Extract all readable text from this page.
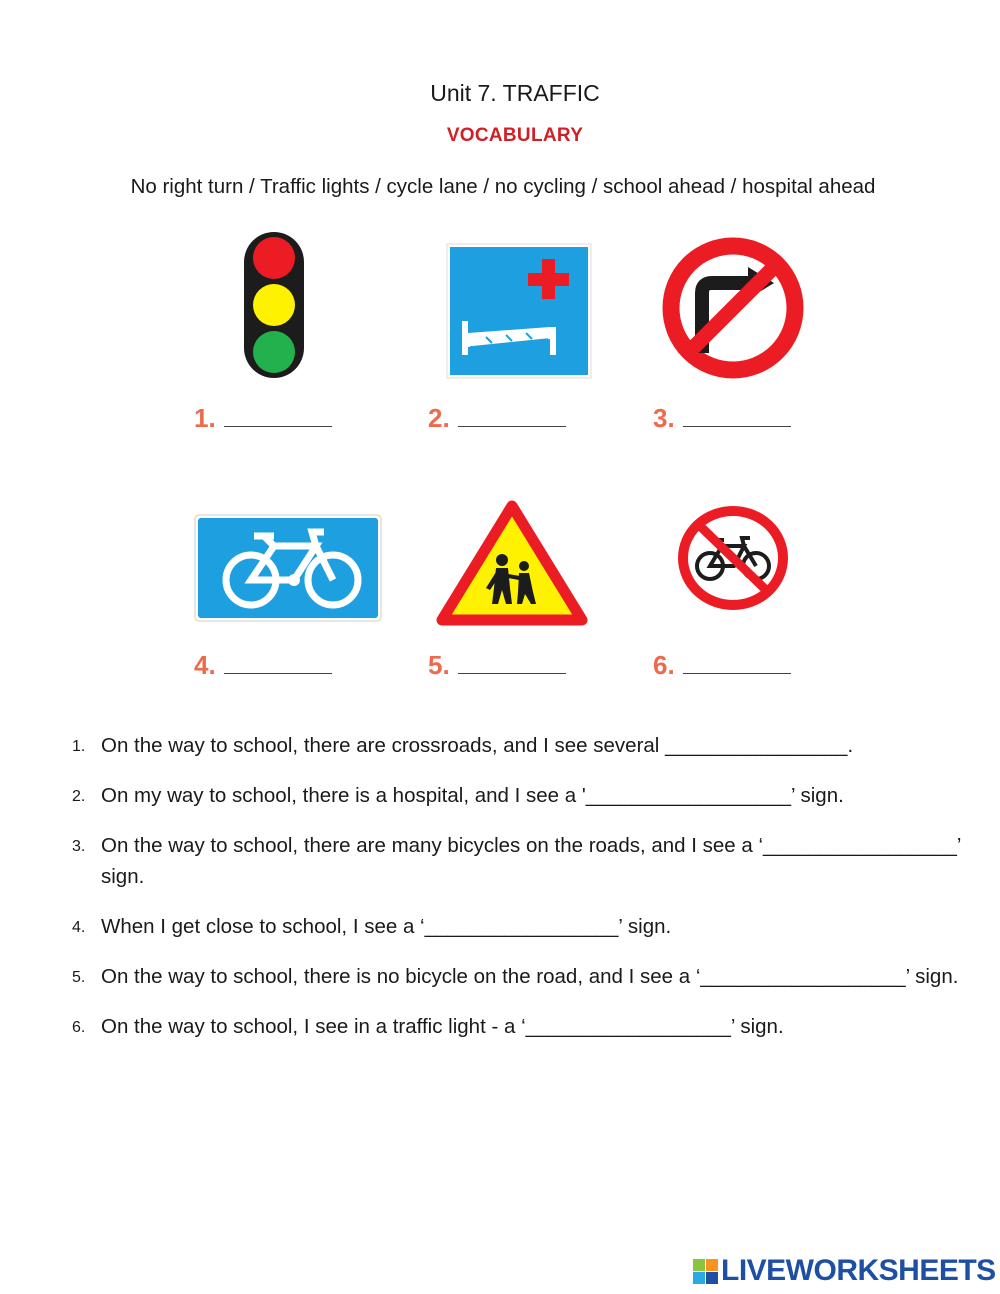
Unit 7. TRAFFIC
VOCABULARY
No right turn / Traffic lights / cycle lane / no cycling / school ahead / hospital ahead
1.	2.	3.
4.	5.	6.
1. On the way to school, there are crossroads, and I see several ________________.
2. On my way to school, there is a hospital, and I see a '__________________’ sign.
3. On the way to school, there are many bicycles on the roads, and I see a ‘_________________’ sign.
4. When I get close to school, I see a ‘_________________’ sign.
5. On the way to school, there is no bicycle on the road, and I see a ‘__________________’ sign.
6. On the way to school, I see in a traffic light - a ‘__________________’ sign.
LIVEWORKSHEETS
